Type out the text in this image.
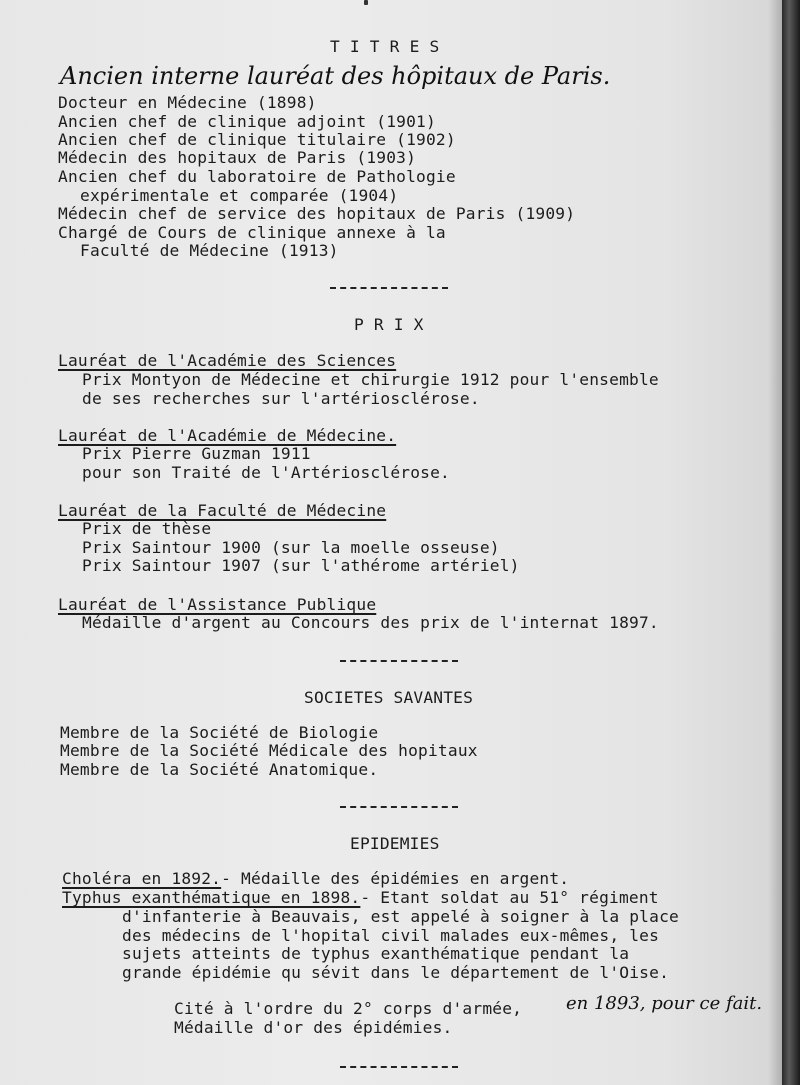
T I T R E S
Ancien interne lauréat des hôpitaux de Paris.
Docteur en Médecine (1898)
Ancien chef de clinique adjoint (1901)
Ancien chef de clinique titulaire (1902)
Médecin des hopitaux de Paris (1903)
Ancien chef du laboratoire de Pathologie
expérimentale et comparée (1904)
Médecin chef de service des hopitaux de Paris (1909)
Chargé de Cours de clinique annexe à la
Faculté de Médecine (1913)
P R I X
Lauréat de l'Académie des Sciences
Prix Montyon de Médecine et chirurgie 1912 pour l'ensemble
de ses recherches sur l'artériosclérose.
Lauréat de l'Académie de Médecine.
Prix Pierre Guzman 1911
pour son Traité de l'Artériosclérose.
Lauréat de la Faculté de Médecine
Prix de thèse
Prix Saintour 1900 (sur la moelle osseuse)
Prix Saintour 1907 (sur l'athérome artériel)
Lauréat de l'Assistance Publique
Médaille d'argent au Concours des prix de l'internat 1897.
SOCIETES SAVANTES
Membre de la Société de Biologie
Membre de la Société Médicale des hopitaux
Membre de la Société Anatomique.
EPIDEMIES
Choléra en 1892.- Médaille des épidémies en argent.
Typhus exanthématique en 1898.- Etant soldat au 51° régiment
d'infanterie à Beauvais, est appelé à soigner à la place
des médecins de l'hopital civil malades eux-mêmes, les
sujets atteints de typhus exanthématique pendant la
grande épidémie qu sévit dans le département de l'Oise.
Cité à l'ordre du 2° corps d'armée, en 1893, pour ce fait.
Médaille d'or des épidémies.
